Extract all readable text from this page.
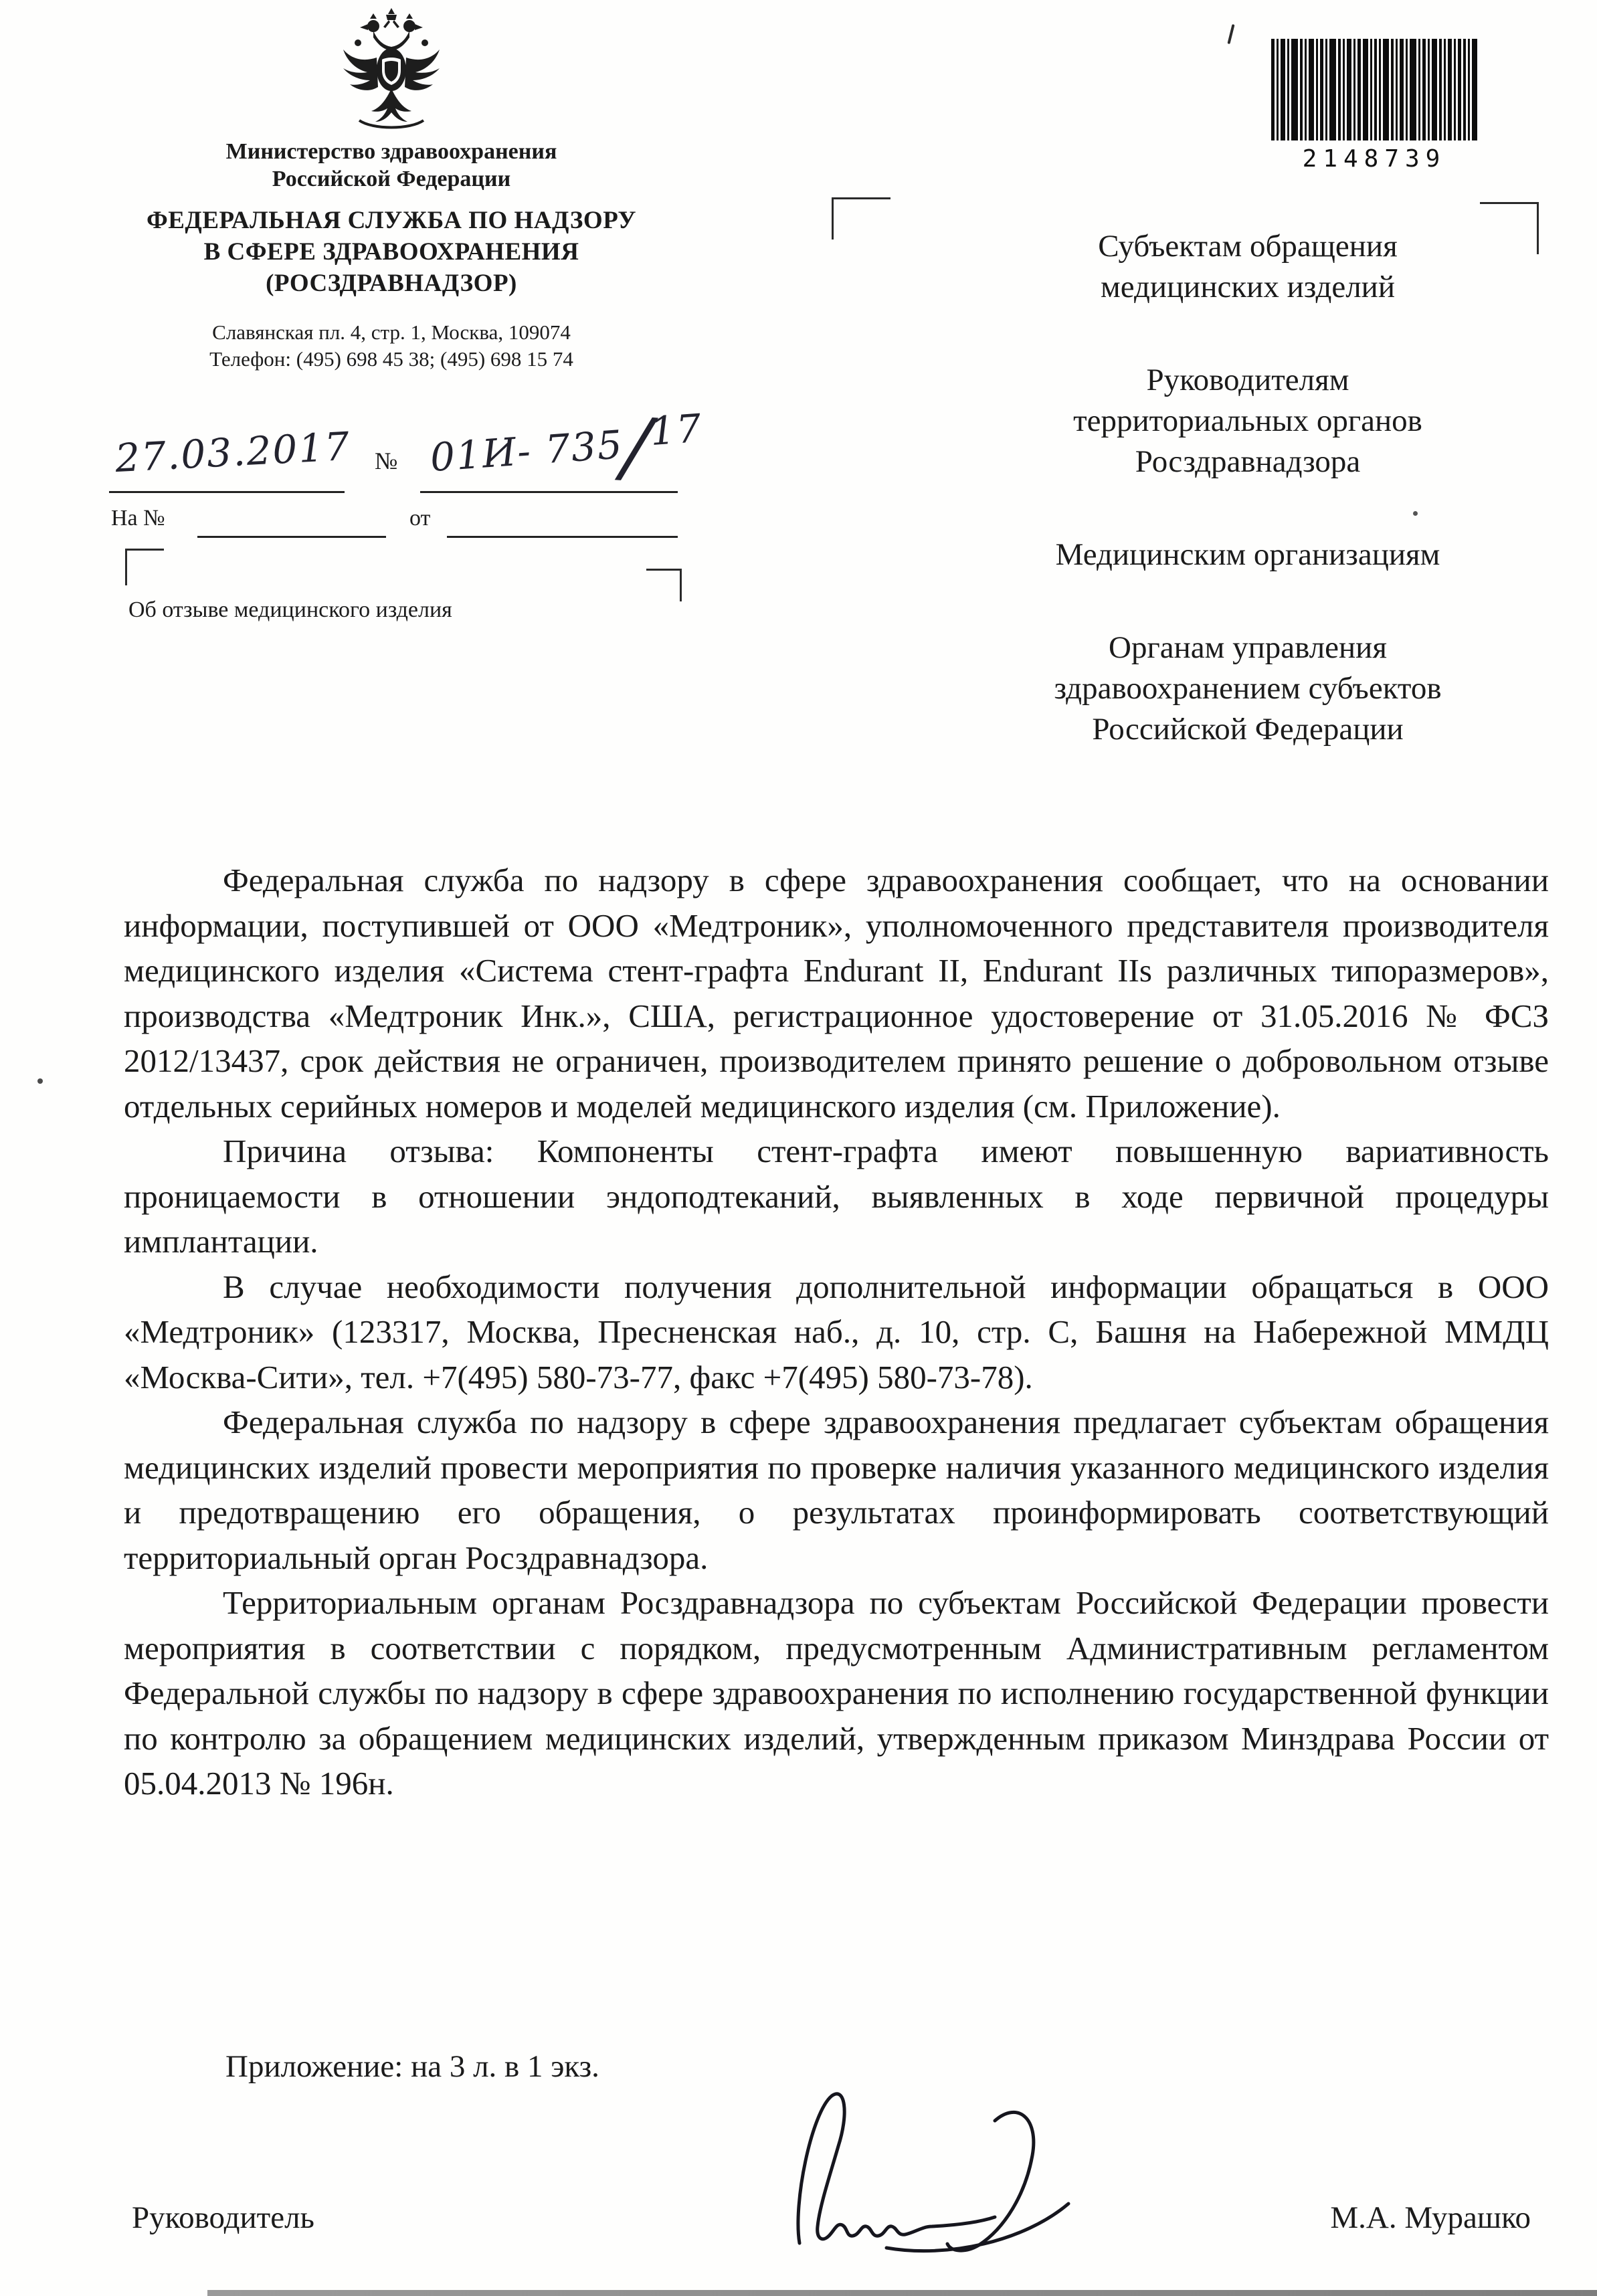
Министерство здравоохранения
Российской Федерации
ФЕДЕРАЛЬНАЯ СЛУЖБА ПО НАДЗОРУ
В СФЕРЕ ЗДРАВООХРАНЕНИЯ
(РОСЗДРАВНАДЗОР)
Славянская пл. 4, стр. 1, Москва, 109074
Телефон: (495) 698 45 38; (495) 698 15 74
2148739
27.03.2017 № 01И- 735/17
На №	от
Об отзыве медицинского изделия
Субъектам обращения медицинских изделий
Руководителям территориальных органов Росздравнадзора
Медицинским организациям
Органам управления здравоохранением субъектов Российской Федерации

Федеральная служба по надзору в сфере здравоохранения сообщает, что на основании информации, поступившей от ООО «Медтроник», уполномоченного представителя производителя медицинского изделия «Система стент-графта Endurant II, Endurant IIs различных типоразмеров», производства «Медтроник Инк.», США, регистрационное удостоверение от 31.05.2016 № ФСЗ 2012/13437, срок действия не ограничен, производителем принято решение о добровольном отзыве отдельных серийных номеров и моделей медицинского изделия (см. Приложение).

Причина отзыва: Компоненты стент-графта имеют повышенную вариативность проницаемости в отношении эндоподтеканий, выявленных в ходе первичной процедуры имплантации.

В случае необходимости получения дополнительной информации обращаться в ООО «Медтроник» (123317, Москва, Пресненская наб., д. 10, стр. С, Башня на Набережной ММДЦ «Москва-Сити», тел. +7(495) 580-73-77, факс +7(495) 580-73-78).

Федеральная служба по надзору в сфере здравоохранения предлагает субъектам обращения медицинских изделий провести мероприятия по проверке наличия указанного медицинского изделия и предотвращению его обращения, о результатах проинформировать соответствующий территориальный орган Росздравнадзора.

Территориальным органам Росздравнадзора по субъектам Российской Федерации провести мероприятия в соответствии с порядком, предусмотренным Административным регламентом Федеральной службы по надзору в сфере здравоохранения по исполнению государственной функции по контролю за обращением медицинских изделий, утвержденным приказом Минздрава России от 05.04.2013 № 196н.

Приложение: на 3 л. в 1 экз.
Руководитель	М.А. Мурашко
